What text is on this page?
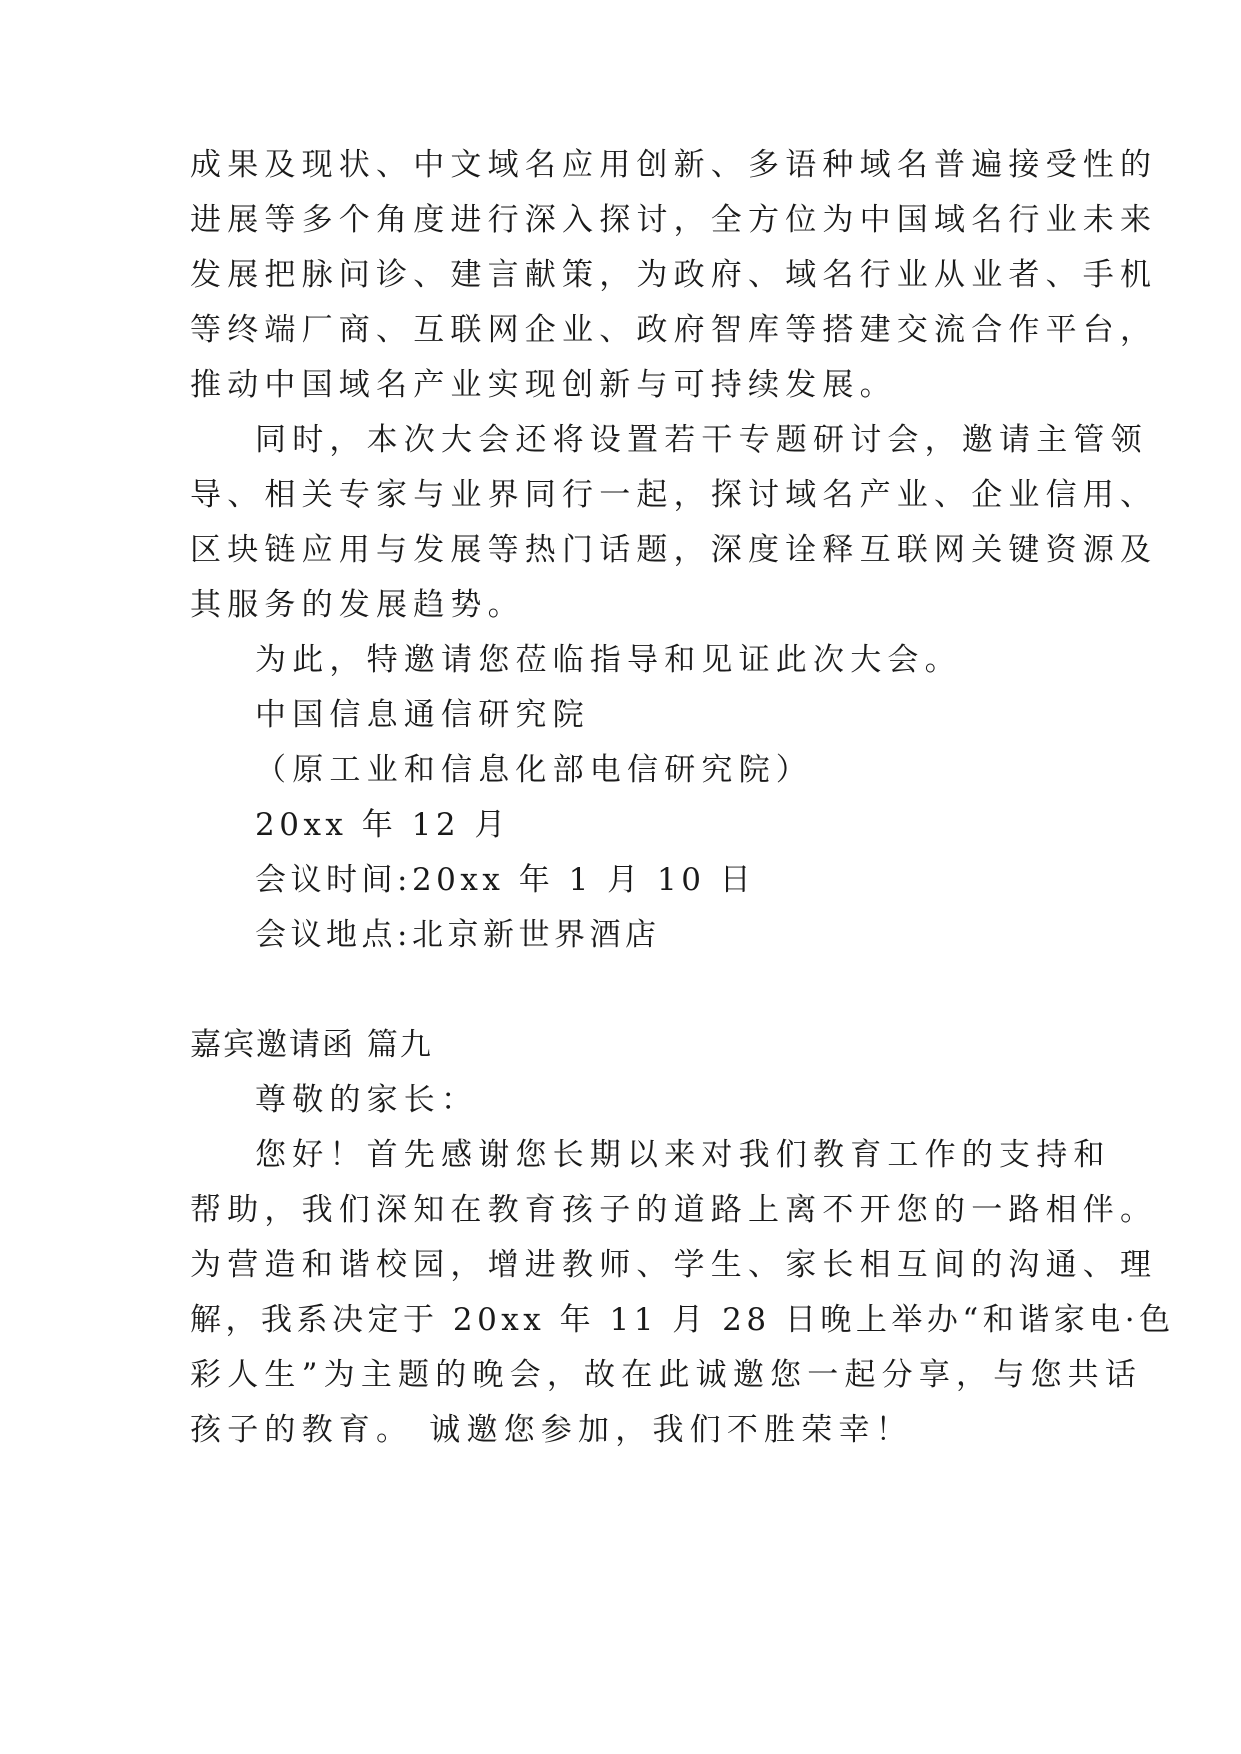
成果及现状、中文域名应用创新、多语种域名普遍接受性的
进展等多个角度进行深入探讨，全方位为中国域名行业未来
发展把脉问诊、建言献策，为政府、域名行业从业者、手机
等终端厂商、互联网企业、政府智库等搭建交流合作平台，
推动中国域名产业实现创新与可持续发展。
同时，本次大会还将设置若干专题研讨会，邀请主管领
导、相关专家与业界同行一起，探讨域名产业、企业信用、
区块链应用与发展等热门话题，深度诠释互联网关键资源及
其服务的发展趋势。
为此，特邀请您莅临指导和见证此次大会。
中国信息通信研究院
（原工业和信息化部电信研究院）
20xx 年 12 月
会议时间:20xx 年 1 月 10 日
会议地点:北京新世界酒店
嘉宾邀请函 篇九
尊敬的家长：
您好！首先感谢您长期以来对我们教育工作的支持和
帮助，我们深知在教育孩子的道路上离不开您的一路相伴。
为营造和谐校园，增进教师、学生、家长相互间的沟通、理
解，我系决定于 20xx 年 11 月 28 日晚上举办“和谐家电·色
彩人生”为主题的晚会，故在此诚邀您一起分享，与您共话
孩子的教育。 诚邀您参加，我们不胜荣幸！
